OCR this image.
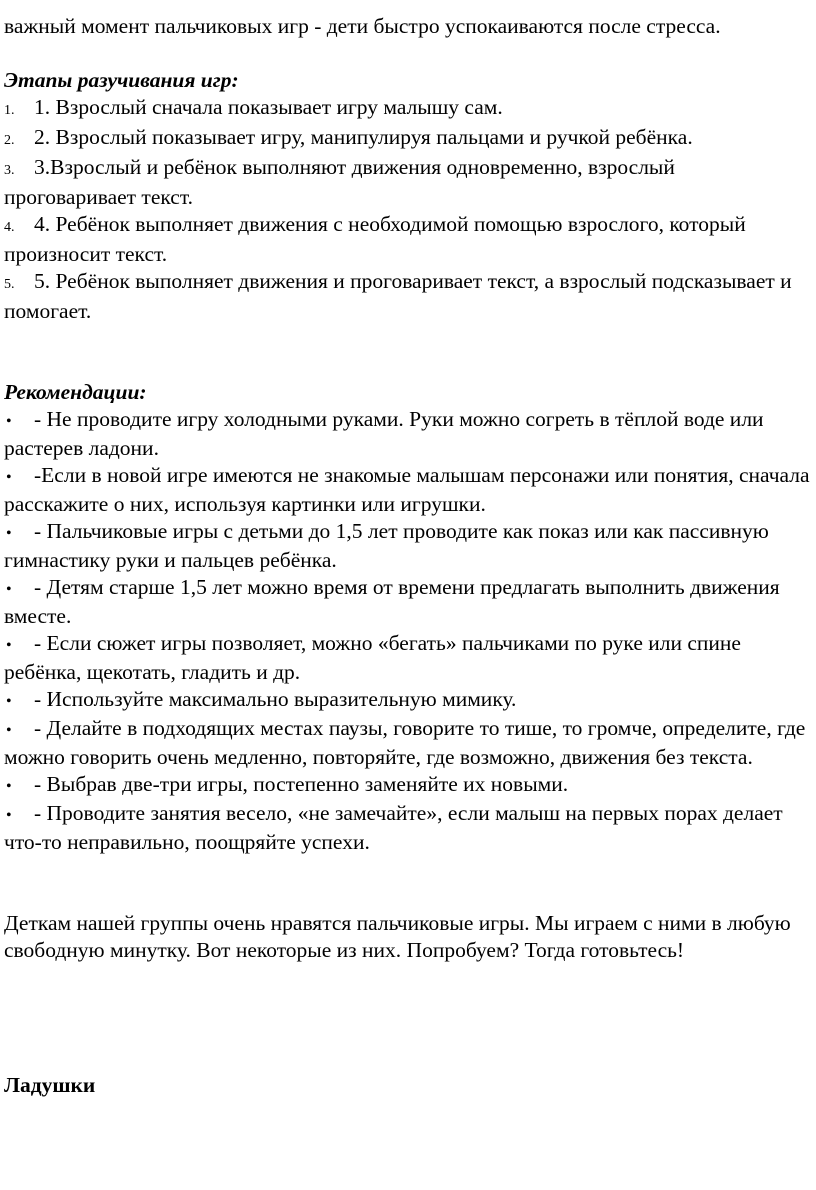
важный момент пальчиковых игр - дети быстро успокаиваются после стресса.

Этапы разучивания игр:

1. 1. Взрослый сначала показывает игру малышу сам.

2. 2. Взрослый показывает игру, манипулируя пальцами и ручкой ребёнка.

3. 3.Взрослый и ребёнок выполняют движения одновременно, взрослый проговаривает текст.

4. 4. Ребёнок выполняет движения с необходимой помощью взрослого, который произносит текст.

5. 5. Ребёнок выполняет движения и проговаривает текст, а взрослый подсказывает и помогает.

Рекомендации:

• - Не проводите игру холодными руками. Руки можно согреть в тёплой воде или растерев ладони.

• -Если в новой игре имеются не знакомые малышам персонажи или понятия, сначала расскажите о них, используя картинки или игрушки.

• - Пальчиковые игры с детьми до 1,5 лет проводите как показ или как пассивную гимнастику руки и пальцев ребёнка.

• - Детям старше 1,5 лет можно время от времени предлагать выполнить движения вместе.

• - Если сюжет игры позволяет, можно «бегать» пальчиками по руке или спине ребёнка, щекотать, гладить и др.

• - Используйте максимально выразительную мимику.

• - Делайте в подходящих местах паузы, говорите то тише, то громче, определите, где можно говорить очень медленно, повторяйте, где возможно, движения без текста.

• - Выбрав две-три игры, постепенно заменяйте их новыми.

• - Проводите занятия весело, «не замечайте», если малыш на первых порах делает что-то неправильно, поощряйте успехи.

Деткам нашей группы очень нравятся пальчиковые игры. Мы играем с ними в любую свободную минутку. Вот некоторые из них. Попробуем? Тогда готовьтесь!

Ладушки
